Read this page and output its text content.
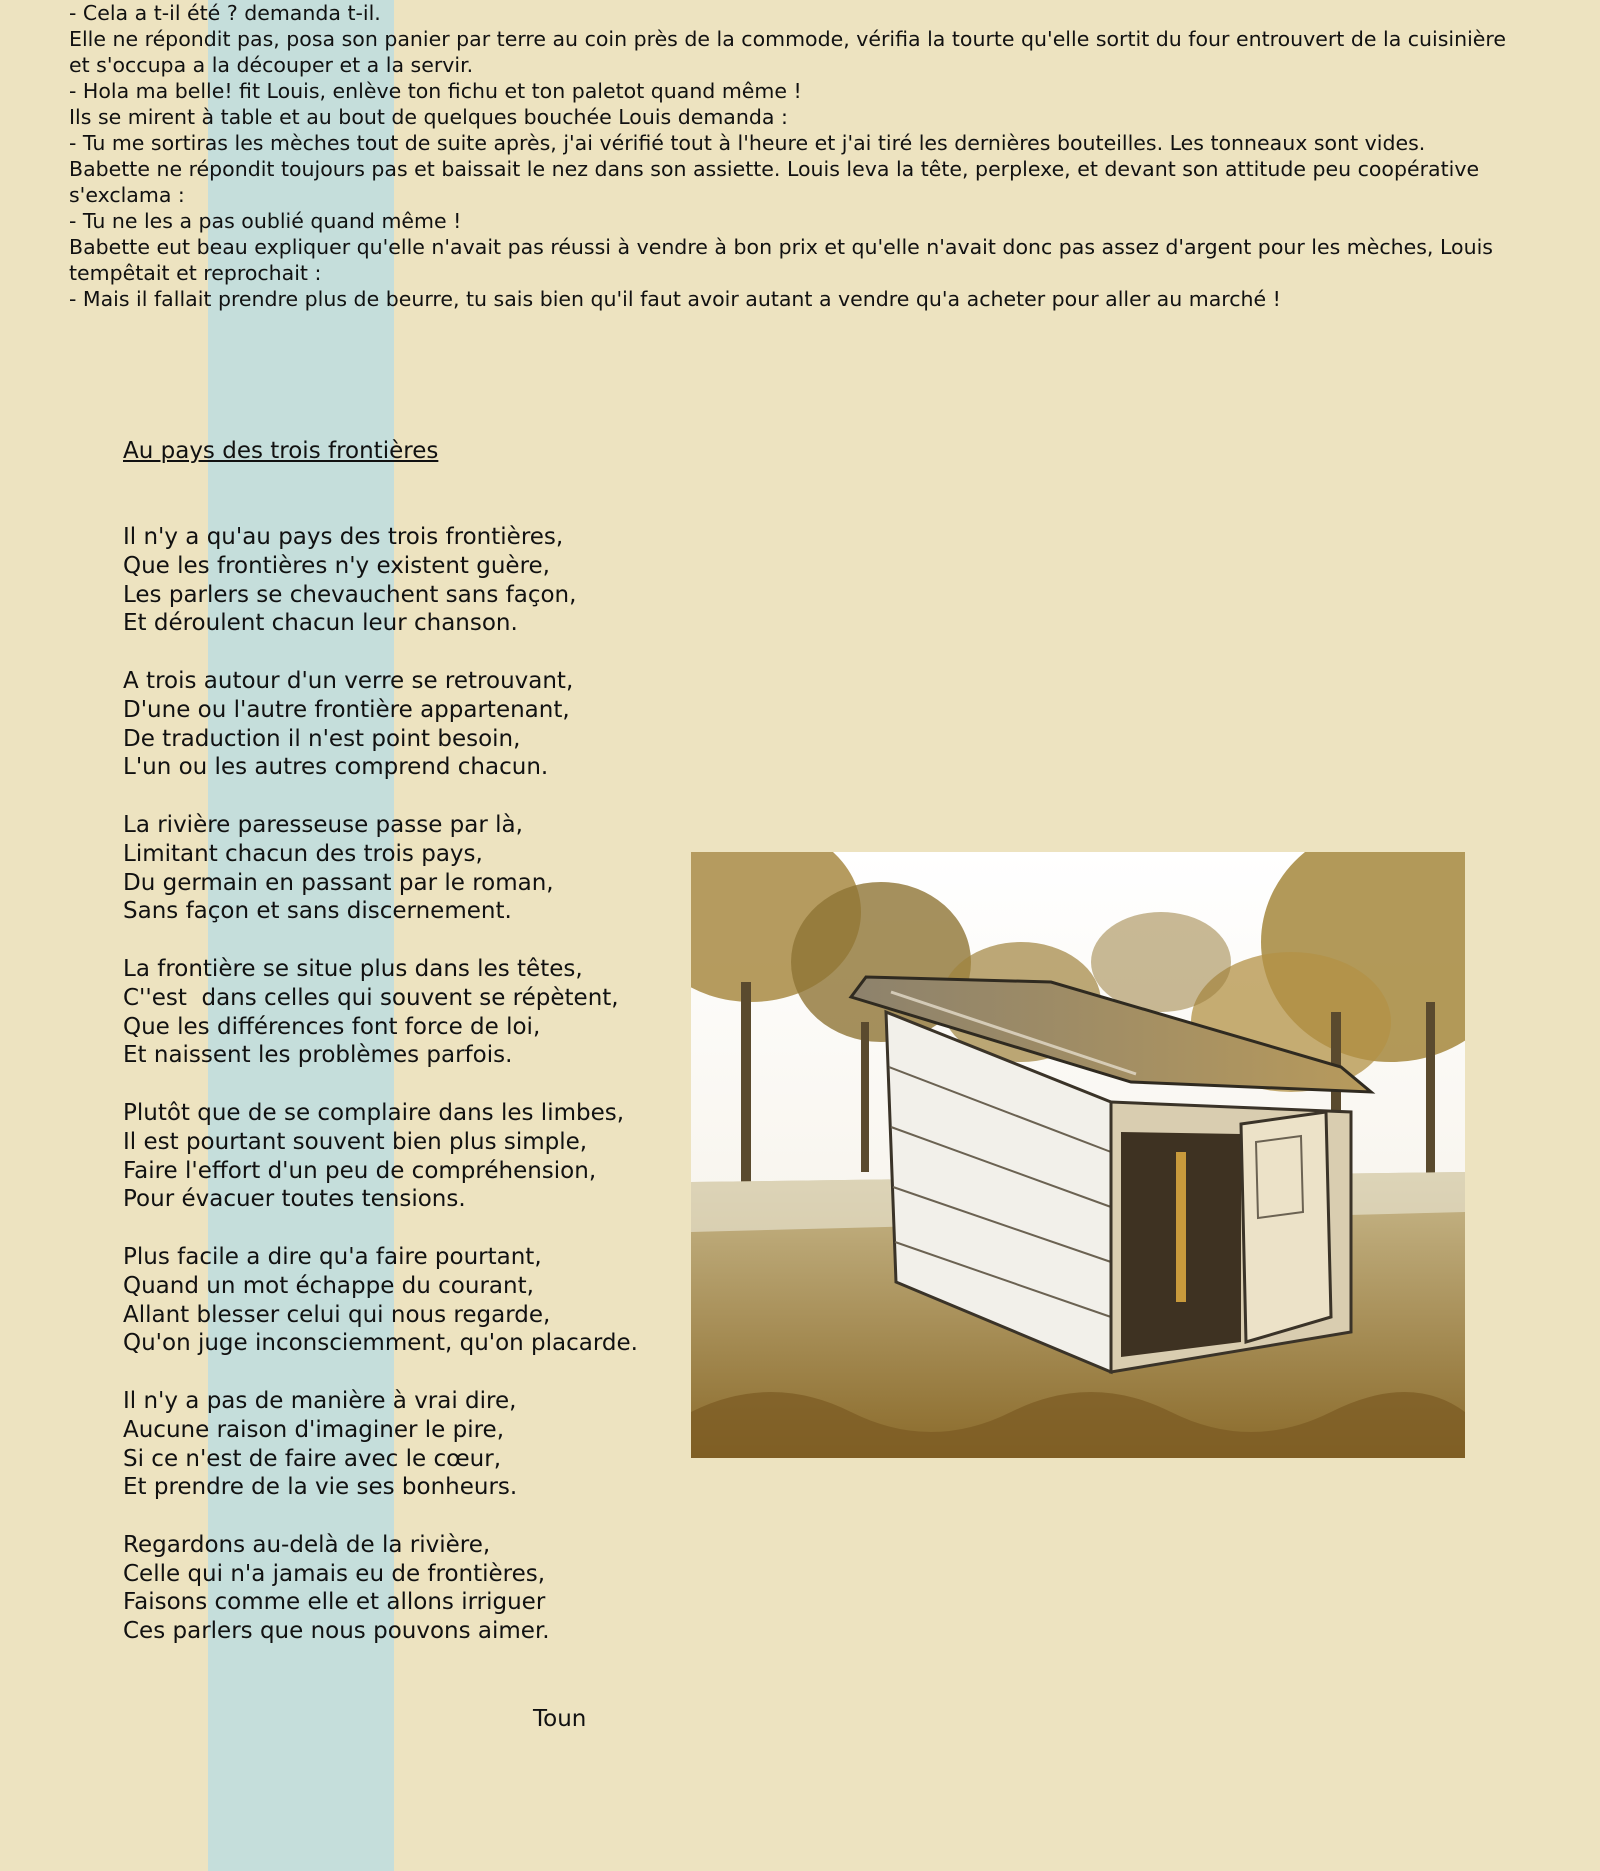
- Cela a t-il été ? demanda t-il.
Elle ne répondit pas, posa son panier par terre au coin près de la commode, vérifia la tourte qu'elle sortit du four entrouvert de la cuisinière
et s'occupa a la découper et a la servir.
- Hola ma belle! fit Louis, enlève ton fichu et ton paletot quand même !
Ils se mirent à table et au bout de quelques bouchée Louis demanda :
- Tu me sortiras les mèches tout de suite après, j'ai vérifié tout à l'heure et j'ai tiré les dernières bouteilles. Les tonneaux sont vides.
Babette ne répondit toujours pas et baissait le nez dans son assiette. Louis leva la tête, perplexe, et devant son attitude peu coopérative
s'exclama :
- Tu ne les a pas oublié quand même !
Babette eut beau expliquer qu'elle n'avait pas réussi à vendre à bon prix et qu'elle n'avait donc pas assez d'argent pour les mèches, Louis
tempêtait et reprochait :
- Mais il fallait prendre plus de beurre, tu sais bien qu'il faut avoir autant a vendre qu'a acheter pour aller au marché !
Au pays des trois frontières
Il n'y a qu'au pays des trois frontières,
Que les frontières n'y existent guère,
Les parlers se chevauchent sans façon,
Et déroulent chacun leur chanson.
A trois autour d'un verre se retrouvant,
D'une ou l'autre frontière appartenant,
De traduction il n'est point besoin,
L'un ou les autres comprend chacun.
La rivière paresseuse passe par là,
Limitant chacun des trois pays,
Du germain en passant par le roman,
Sans façon et sans discernement.
La frontière se situe plus dans les têtes,
C''est  dans celles qui souvent se répètent,
Que les différences font force de loi,
Et naissent les problèmes parfois.
Plutôt que de se complaire dans les limbes,
Il est pourtant souvent bien plus simple,
Faire l'effort d'un peu de compréhension,
Pour évacuer toutes tensions.
Plus facile a dire qu'a faire pourtant,
Quand un mot échappe du courant,
Allant blesser celui qui nous regarde,
Qu'on juge inconsciemment, qu'on placarde.
Il n'y a pas de manière à vrai dire,
Aucune raison d'imaginer le pire,
Si ce n'est de faire avec le cœur,
Et prendre de la vie ses bonheurs.
Regardons au-delà de la rivière,
Celle qui n'a jamais eu de frontières,
Faisons comme elle et allons irriguer
Ces parlers que nous pouvons aimer.
Toun
